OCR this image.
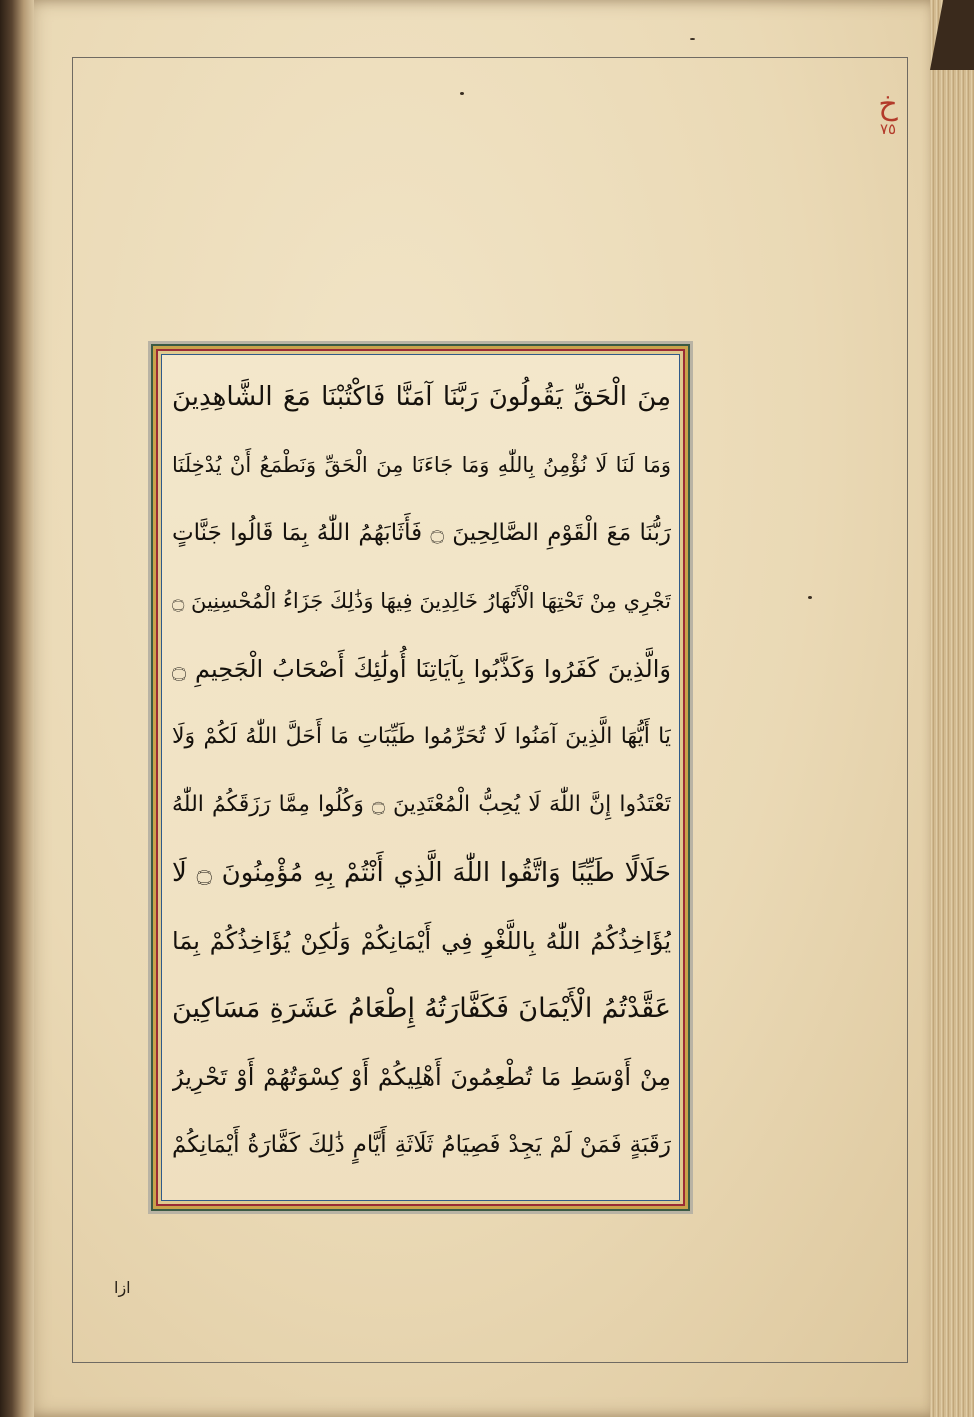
خ
٧٥
مِنَ الْحَقِّ يَقُولُونَ رَبَّنَا آمَنَّا فَاكْتُبْنَا مَعَ الشَّاهِدِينَ
وَمَا لَنَا لَا نُؤْمِنُ بِاللّٰهِ وَمَا جَاءَنَا مِنَ الْحَقِّ وَنَطْمَعُ أَنْ يُدْخِلَنَا
رَبُّنَا مَعَ الْقَوْمِ الصَّالِحِينَ ۝ فَأَثَابَهُمُ اللّٰهُ بِمَا قَالُوا جَنَّاتٍ
تَجْرِي مِنْ تَحْتِهَا الْأَنْهَارُ خَالِدِينَ فِيهَا وَذَٰلِكَ جَزَاءُ الْمُحْسِنِينَ ۝
وَالَّذِينَ كَفَرُوا وَكَذَّبُوا بِآيَاتِنَا أُولَٰئِكَ أَصْحَابُ الْجَحِيمِ ۝
يَا أَيُّهَا الَّذِينَ آمَنُوا لَا تُحَرِّمُوا طَيِّبَاتِ مَا أَحَلَّ اللّٰهُ لَكُمْ وَلَا
تَعْتَدُوا إِنَّ اللّٰهَ لَا يُحِبُّ الْمُعْتَدِينَ ۝ وَكُلُوا مِمَّا رَزَقَكُمُ اللّٰهُ
حَلَالًا طَيِّبًا وَاتَّقُوا اللّٰهَ الَّذِي أَنْتُمْ بِهِ مُؤْمِنُونَ ۝ لَا
يُؤَاخِذُكُمُ اللّٰهُ بِاللَّغْوِ فِي أَيْمَانِكُمْ وَلَٰكِنْ يُؤَاخِذُكُمْ بِمَا
عَقَّدْتُمُ الْأَيْمَانَ فَكَفَّارَتُهُ إِطْعَامُ عَشَرَةِ مَسَاكِينَ
مِنْ أَوْسَطِ مَا تُطْعِمُونَ أَهْلِيكُمْ أَوْ كِسْوَتُهُمْ أَوْ تَحْرِيرُ
رَقَبَةٍ فَمَنْ لَمْ يَجِدْ فَصِيَامُ ثَلَاثَةِ أَيَّامٍ ذَٰلِكَ كَفَّارَةُ أَيْمَانِكُمْ
ازا
